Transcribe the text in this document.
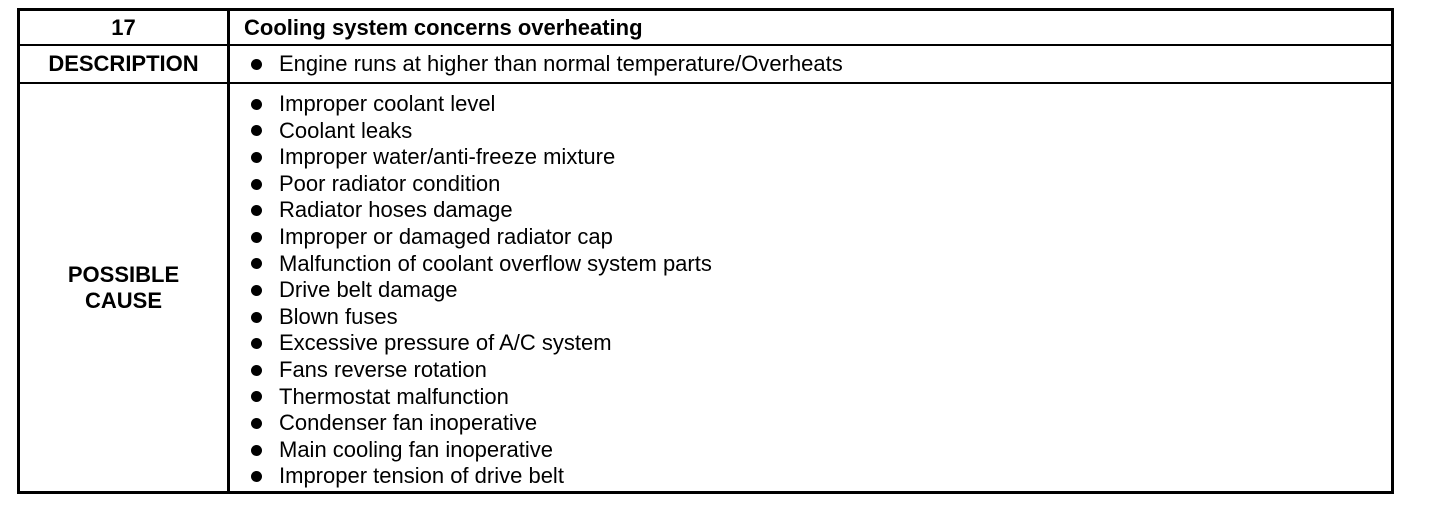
17	Cooling system concerns overheating
DESCRIPTION	Engine runs at higher than normal temperature/Overheats
POSSIBLE
CAUSE
Improper coolant level
Coolant leaks
Improper water/anti-freeze mixture
Poor radiator condition
Radiator hoses damage
Improper or damaged radiator cap
Malfunction of coolant overflow system parts
Drive belt damage
Blown fuses
Excessive pressure of A/C system
Fans reverse rotation
Thermostat malfunction
Condenser fan inoperative
Main cooling fan inoperative
Improper tension of drive belt
